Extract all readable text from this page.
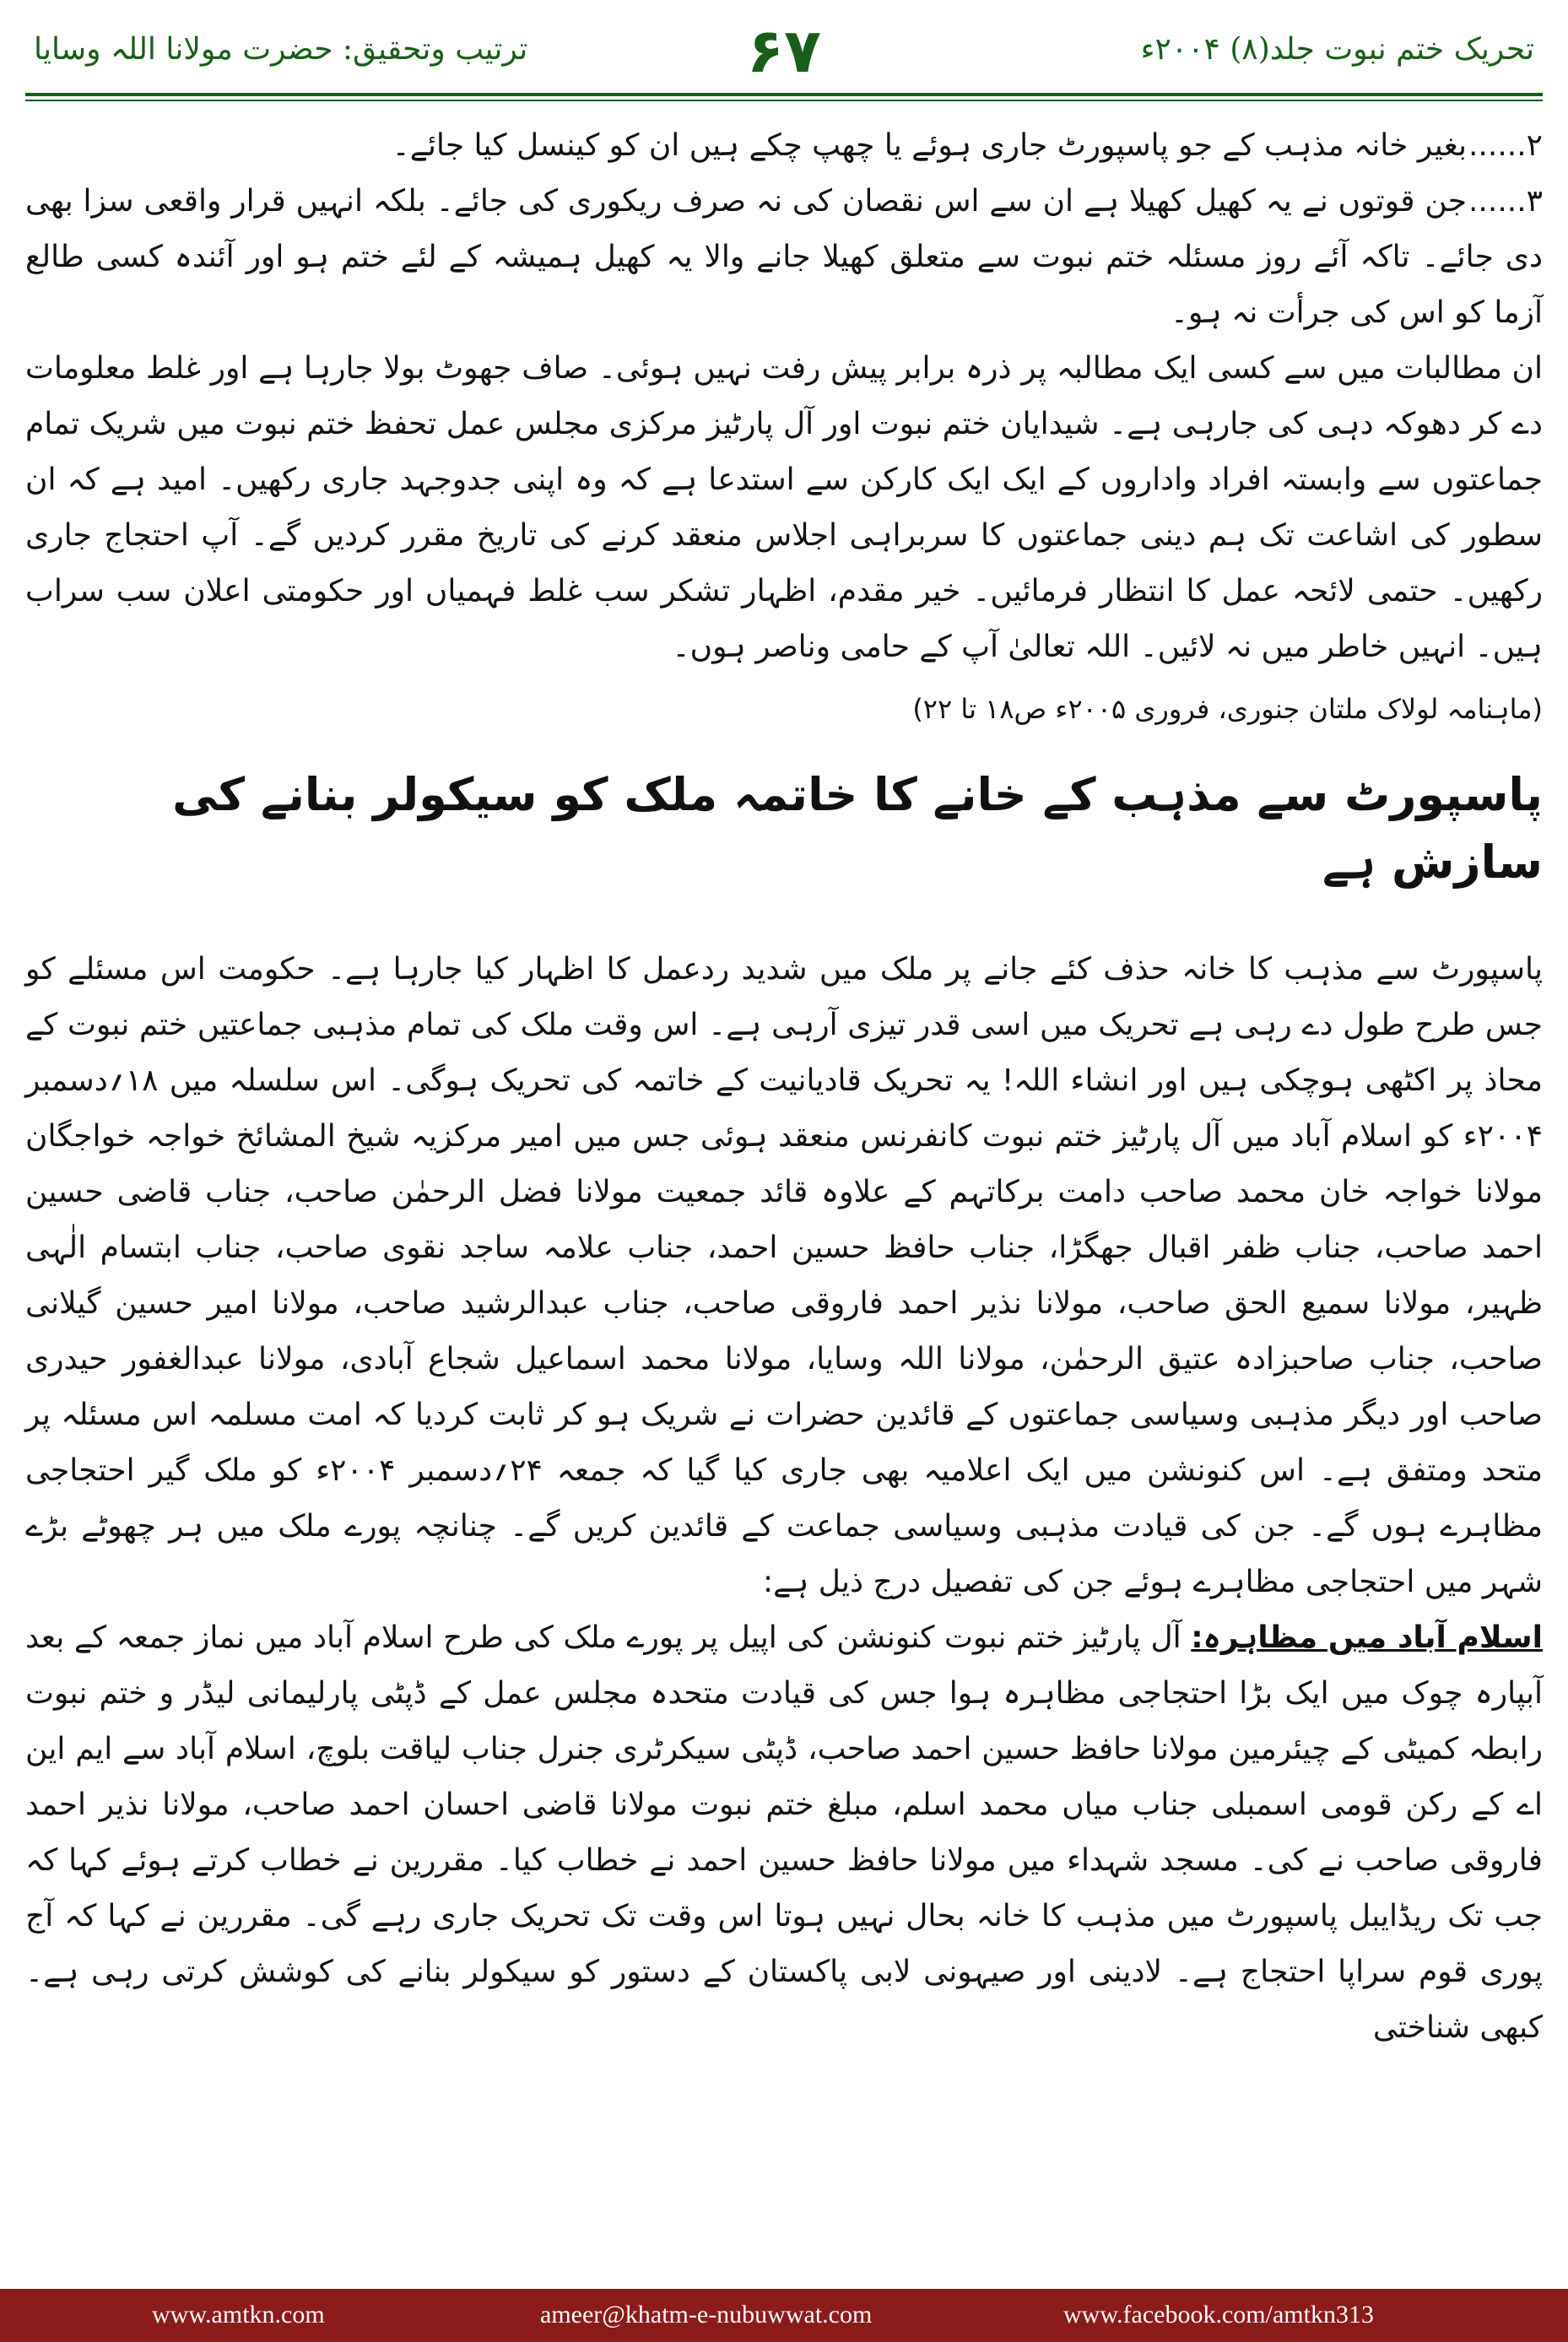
ترتیب وتحقیق: حضرت مولانا اللہ وسایا	۶۷	تحریک ختم نبوت جلد(۸) ۲۰۰۴ء

۲......بغیر خانہ مذہب کے جو پاسپورٹ جاری ہوئے یا چھپ چکے ہیں ان کو کینسل کیا جائے۔

۳......جن قوتوں نے یہ کھیل کھیلا ہے ان سے اس نقصان کی نہ صرف ریکوری کی جائے۔ بلکہ انہیں قرار واقعی سزا بھی دی جائے۔ تاکہ آئے روز مسئلہ ختم نبوت سے متعلق کھیلا جانے والا یہ کھیل ہمیشہ کے لئے ختم ہو اور آئندہ کسی طالع آزما کو اس کی جرأت نہ ہو۔

ان مطالبات میں سے کسی ایک مطالبہ پر ذرہ برابر پیش رفت نہیں ہوئی۔ صاف جھوٹ بولا جارہا ہے اور غلط معلومات دے کر دھوکہ دہی کی جارہی ہے۔ شیدایان ختم نبوت اور آل پارٹیز مرکزی مجلس عمل تحفظ ختم نبوت میں شریک تمام جماعتوں سے وابستہ افراد واداروں کے ایک ایک کارکن سے استدعا ہے کہ وہ اپنی جدوجہد جاری رکھیں۔ امید ہے کہ ان سطور کی اشاعت تک ہم دینی جماعتوں کا سربراہی اجلاس منعقد کرنے کی تاریخ مقرر کردیں گے۔ آپ احتجاج جاری رکھیں۔ حتمی لائحہ عمل کا انتظار فرمائیں۔ خیر مقدم، اظہار تشکر سب غلط فہمیاں اور حکومتی اعلان سب سراب ہیں۔ انہیں خاطر میں نہ لائیں۔ اللہ تعالیٰ آپ کے حامی وناصر ہوں۔

(ماہنامہ لولاک ملتان جنوری، فروری ۲۰۰۵ء ص۱۸ تا ۲۲)

پاسپورٹ سے مذہب کے خانے کا خاتمہ ملک کو سیکولر بنانے کی سازش ہے

پاسپورٹ سے مذہب کا خانہ حذف کئے جانے پر ملک میں شدید ردعمل کا اظہار کیا جارہا ہے۔ حکومت اس مسئلے کو جس طرح طول دے رہی ہے تحریک میں اسی قدر تیزی آرہی ہے۔ اس وقت ملک کی تمام مذہبی جماعتیں ختم نبوت کے محاذ پر اکٹھی ہوچکی ہیں اور انشاء اللہ! یہ تحریک قادیانیت کے خاتمہ کی تحریک ہوگی۔ اس سلسلہ میں ۱۸؍دسمبر ۲۰۰۴ء کو اسلام آباد میں آل پارٹیز ختم نبوت کانفرنس منعقد ہوئی جس میں امیر مرکزیہ شیخ المشائخ خواجہ خواجگان مولانا خواجہ خان محمد صاحب دامت برکاتہم کے علاوہ قائد جمعیت مولانا فضل الرحمٰن صاحب، جناب قاضی حسین احمد صاحب، جناب ظفر اقبال جھگڑا، جناب حافظ حسین احمد، جناب علامہ ساجد نقوی صاحب، جناب ابتسام الٰہی ظہیر، مولانا سمیع الحق صاحب، مولانا نذیر احمد فاروقی صاحب، جناب عبدالرشید صاحب، مولانا امیر حسین گیلانی صاحب، جناب صاحبزادہ عتیق الرحمٰن، مولانا اللہ وسایا، مولانا محمد اسماعیل شجاع آبادی، مولانا عبدالغفور حیدری صاحب اور دیگر مذہبی وسیاسی جماعتوں کے قائدین حضرات نے شریک ہو کر ثابت کردیا کہ امت مسلمہ اس مسئلہ پر متحد ومتفق ہے۔ اس کنونشن میں ایک اعلامیہ بھی جاری کیا گیا کہ جمعہ ۲۴؍دسمبر ۲۰۰۴ء کو ملک گیر احتجاجی مظاہرے ہوں گے۔ جن کی قیادت مذہبی وسیاسی جماعت کے قائدین کریں گے۔ چنانچہ پورے ملک میں ہر چھوٹے بڑے شہر میں احتجاجی مظاہرے ہوئے جن کی تفصیل درج ذیل ہے:

اسلام آباد میں مظاہرہ: آل پارٹیز ختم نبوت کنونشن کی اپیل پر پورے ملک کی طرح اسلام آباد میں نماز جمعہ کے بعد آبپارہ چوک میں ایک بڑا احتجاجی مظاہرہ ہوا جس کی قیادت متحدہ مجلس عمل کے ڈپٹی پارلیمانی لیڈر و ختم نبوت رابطہ کمیٹی کے چیئرمین مولانا حافظ حسین احمد صاحب، ڈپٹی سیکرٹری جنرل جناب لیاقت بلوچ، اسلام آباد سے ایم این اے کے رکن قومی اسمبلی جناب میاں محمد اسلم، مبلغ ختم نبوت مولانا قاضی احسان احمد صاحب، مولانا نذیر احمد فاروقی صاحب نے کی۔ مسجد شہداء میں مولانا حافظ حسین احمد نے خطاب کیا۔ مقررین نے خطاب کرتے ہوئے کہا کہ جب تک ریڈایبل پاسپورٹ میں مذہب کا خانہ بحال نہیں ہوتا اس وقت تک تحریک جاری رہے گی۔ مقررین نے کہا کہ آج پوری قوم سراپا احتجاج ہے۔ لادینی اور صیہونی لابی پاکستان کے دستور کو سیکولر بنانے کی کوشش کرتی رہی ہے۔ کبھی شناختی

www.amtkn.com	ameer@khatm-e-nubuwwat.com	www.facebook.com/amtkn313
